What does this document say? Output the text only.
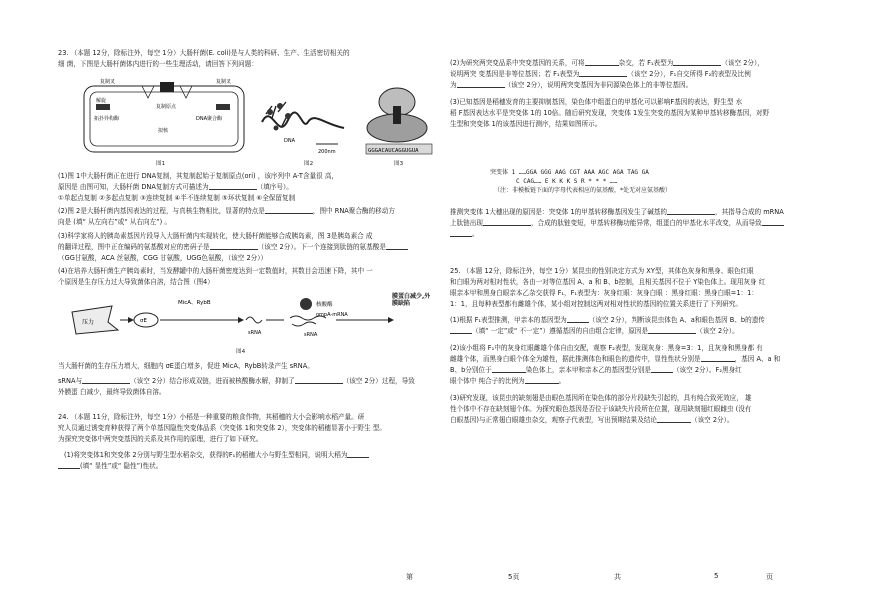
23. （本题 12分，除标注外，每空 1分）大肠杆菌(E. coli)是与人类的科研、生产、生活密切相关的

细 菌，下图是大肠杆菌体内进行的一些生理活动，请回答下列问题：

复制叉	复制叉
复制原点
拓扑异构酶
拟核
解旋
DNA聚合酶
图1
DNA
200nm
图2
GGGACAUCAGGUGUA
图3

(1)图 1中大肠杆菌正在进行 DNA复制，其复制起始于复制原点(ori) ，该序列中 A-T含量很 高，

原因是 由图可知，大肠杆菌 DNA复制方式可描述为	（填序号）。

①单起点复制 ②多起点复制 ③连续复制 ④半不连续复制 ⑤环状复制 ⑥全保留复制

(2)图 2是大肠杆菌内基因表达的过程，与真核生物相比，显著的特点是	，图中 RNA聚合酶的移动方

向是 (填“ 从左向右”或“ 从右向左”) 。

(3)科学家将人的胰岛素基因片段导入大肠杆菌内实现转化，使大肠杆菌能够合成胰岛素，图 3是胰岛素合 成

的翻译过程，图中正在编码的氨基酸对应的密码子是	（该空 2分）。下一个连接到肽链的氨基酸是

（GG甘氨酸，ACA 丝氨酸，CGG 甘氨酸，UGG色氨酸，（该空 2分））

(4)在培养大肠杆菌生产胰岛素时，当发酵罐中的大肠杆菌密度达到一定数值时，其数目会迅速下降，其中 一

个原因是生存压力过大导致菌体自溶，结合图（图4）

压力	σE
MicA、RybB
sRNA
核酸酶
ompA-mRNA
sRNA
膜蛋白减少,外膜缺陷
图4

当大肠杆菌的生存压力增大，细胞内 σE蛋白增多，促进 MicA、RybB转录产生 sRNA。

sRNA与	（该空 2分）结合形成双链，进而被核酸酶水解，抑制了	（该空 2分）过程，导致

外膜蛋 白减少，最终导致菌体自溶。

24. （本题 11分，除标注外，每空 1分）小稻是一种重要的粮食作物，其稻穗的大小会影响水稻产量。研

究人员通过诱变育种获得了两个单基因隐性突变体品系（突变体 1和突变体 2），突变体的稻穗显著小于野生 型。

为探究突变体中两突变基因的关系及其作用的原理，进行了如下研究。

(1)将突变体1和突变体 2分别与野生型水稻杂交，获得的F₁的稻穗大小与野生型相同，说明大稻为

(填“ 显性”或“ 隐性”)性状。

(2)为研究两突变品系中突变基因的关系，可将	杂交，若 F₁表型为	（该空 2分），

说明两突 变基因是非等位基因；若 F₁表型为	（该空 2分），F₁自交所得 F₂的表型及比例

为	（该空 2分），说明两突变基因为非同源染色体上的非等位基因。

(3)已知基因是稻穗发育的主要抑制基因，染色体中组蛋白的甲基化可以影响F基因的表达，野生型 水

稻 F基因表达水平是突变体 1的 10倍。随后研究发现，突变体 1发生突变的基因为某种甲基转移酶基因，对野

生型和突变体 1的该基因进行测序，结果如图所示。

突变体 1 ……GGA GGG AAG CGT AAA AGC AGA TAG GA

C CAG…… E K K K S R * * * ……

（注：非模板链下面的字母代表相应的氨基酸，*处无对应氨基酸）

推测突变体 1大穗出现的原因是：突变体 1的甲基转移酶基因发生了碱基的	，其指导合成的 mRNA

上肽链出现	，合成的肽链变短，甲基转移酶功能异常，组蛋白的甲基化水平改变，从而导致

。

25. （本题 12分，除标注外，每空 1分）某昆虫的性别决定方式为 XY型，其体色灰身和黑身、眼色红眼

和白眼为两对相对性状，各由一对等位基因 A、a 和 B、b控制，且相关基因不位于 Y染色体上。现用灰身 红

眼亲本甲和黑身白眼亲本乙杂交获得 F₁，F₁表型为：灰身红眼：灰身白眼 ：黑身红眼：黑身白眼=1：1：

1：1，且每种表型都有雌雄个体，某小组对控制这两对相对性状的基因的位置关系进行了下列研究。

(1)根据 F₁表型推测，甲亲本的基因型为	（该空 2分），判断该昆虫体色 A、a和眼色基因 B、b的遗传

（填“ 一定”或“ 不一定”）遵循基因的自由组合定律，原因是	（该空 2分）。

(2)该小组将 F₁中的灰身红眼雌雄个体自由交配，观察 F₂表型，发现灰身：黑身=3：1，且灰身和黑身都 有

雌雄个体，而黑身白眼个体全为雄性，据此推测体色和眼色的遗传中，显性性状分别是	，基因 A、a 和

B、b分别位于	染色体上，亲本甲和亲本乙的基因型分别是	（该空 2分）。F₂黑身红

眼个体中 纯合子的比例为	。

(3)研究发现，该昆虫的缺刻翅是由眼色基因所在染色体的部分片段缺失引起的，具有纯合致死效应， 雄

性个体中不存在缺刻翅个体。为探究眼色基因是否位于该缺失片段所在位置，现用缺刻翅红眼雌虫 (没有

白眼基因)与正常翅白眼雄虫杂交，观察子代表型，写出预期结果及结论	（该空 2分）。

第	5页	共	5	页
